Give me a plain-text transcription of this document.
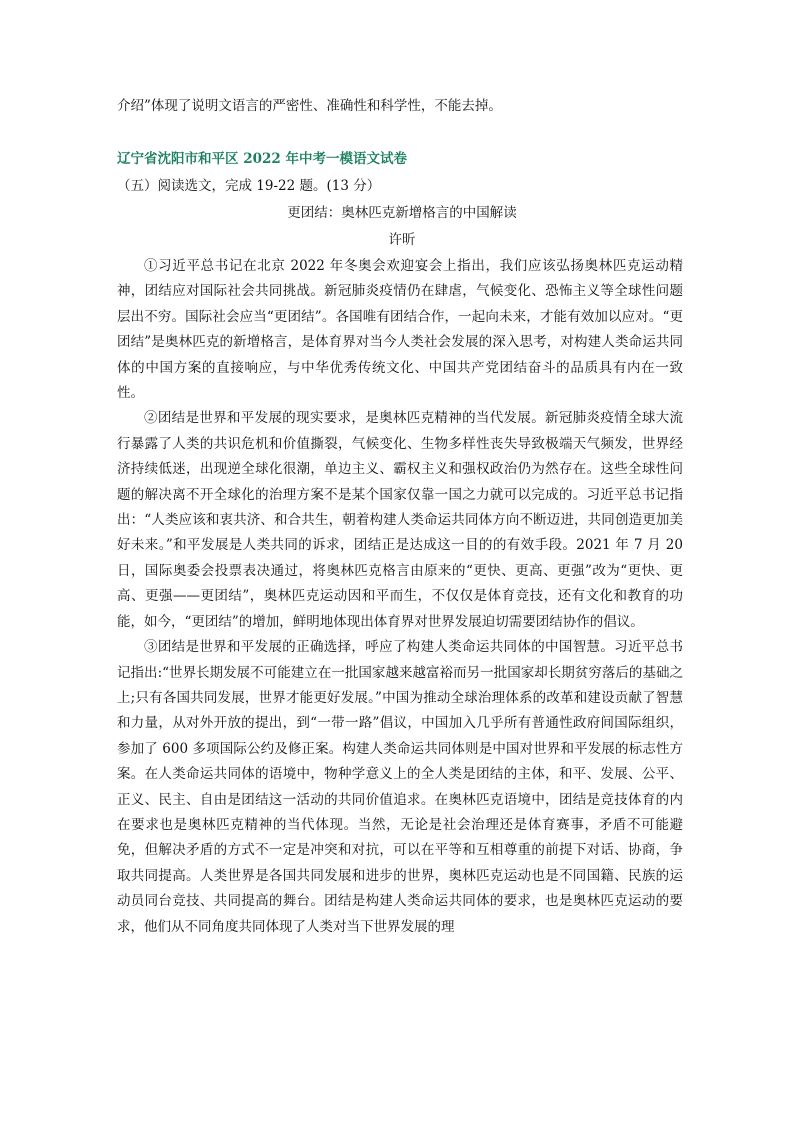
介绍”体现了说明文语言的严密性、准确性和科学性，不能去掉。

辽宁省沈阳市和平区 2022 年中考一模语文试卷

（五）阅读选文，完成 19-22 题。(13 分）

更团结：奥林匹克新增格言的中国解读

许昕

①习近平总书记在北京 2022 年冬奥会欢迎宴会上指出，我们应该弘扬奥林匹克运动精神，团结应对国际社会共同挑战。新冠肺炎疫情仍在肆虐，气候变化、恐怖主义等全球性问题层出不穷。国际社会应当“更团结”。各国唯有团结合作，一起向未来，才能有效加以应对。“更团结”是奥林匹克的新增格言，是体育界对当今人类社会发展的深入思考，对构建人类命运共同体的中国方案的直接响应，与中华优秀传统文化、中国共产党团结奋斗的品质具有内在一致性。

②团结是世界和平发展的现实要求，是奥林匹克精神的当代发展。新冠肺炎疫情全球大流行暴露了人类的共识危机和价值撕裂，气候变化、生物多样性丧失导致极端天气频发，世界经济持续低迷，出现逆全球化很潮，单边主义、霸权主义和强权政治仍为然存在。这些全球性问题的解决离不开全球化的治理方案不是某个国家仅靠一国之力就可以完成的。习近平总书记指出：“人类应该和衷共济、和合共生，朝着构建人类命运共同体方向不断迈进，共同创造更加美好未来。”和平发展是人类共同的诉求，团结正是达成这一目的的有效手段。2021 年 7 月 20 日，国际奥委会投票表决通过，将奥林匹克格言由原来的“更快、更高、更强”改为“更快、更高、更强——更团结”，奥林匹克运动因和平而生，不仅仅是体育竞技，还有文化和教育的功能，如今，“更团结”的增加，鲜明地体现出体育界对世界发展迫切需要团结协作的倡议。

③团结是世界和平发展的正确选择，呼应了构建人类命运共同体的中国智慧。习近平总书记指出:“世界长期发展不可能建立在一批国家越来越富裕而另一批国家却长期贫穷落后的基础之上;只有各国共同发展，世界才能更好发展。”中国为推动全球治理体系的改革和建设贡献了智慧和力量，从对外开放的提出，到“一带一路”倡议，中国加入几乎所有普通性政府间国际组织，参加了 600 多项国际公约及修正案。构建人类命运共同体则是中国对世界和平发展的标志性方案。在人类命运共同体的语境中，物种学意义上的全人类是团结的主体，和平、发展、公平、正义、民主、自由是团结这一活动的共同价值追求。在奥林匹克语境中，团结是竞技体育的内在要求也是奥林匹克精神的当代体现。当然，无论是社会治理还是体育赛事，矛盾不可能避免，但解决矛盾的方式不一定是冲突和对抗，可以在平等和互相尊重的前提下对话、协商，争取共同提高。人类世界是各国共同发展和进步的世界，奥林匹克运动也是不同国籍、民族的运动员同台竞技、共同提高的舞台。团结是构建人类命运共同体的要求，也是奥林匹克运动的要求，他们从不同角度共同体现了人类对当下世界发展的理
